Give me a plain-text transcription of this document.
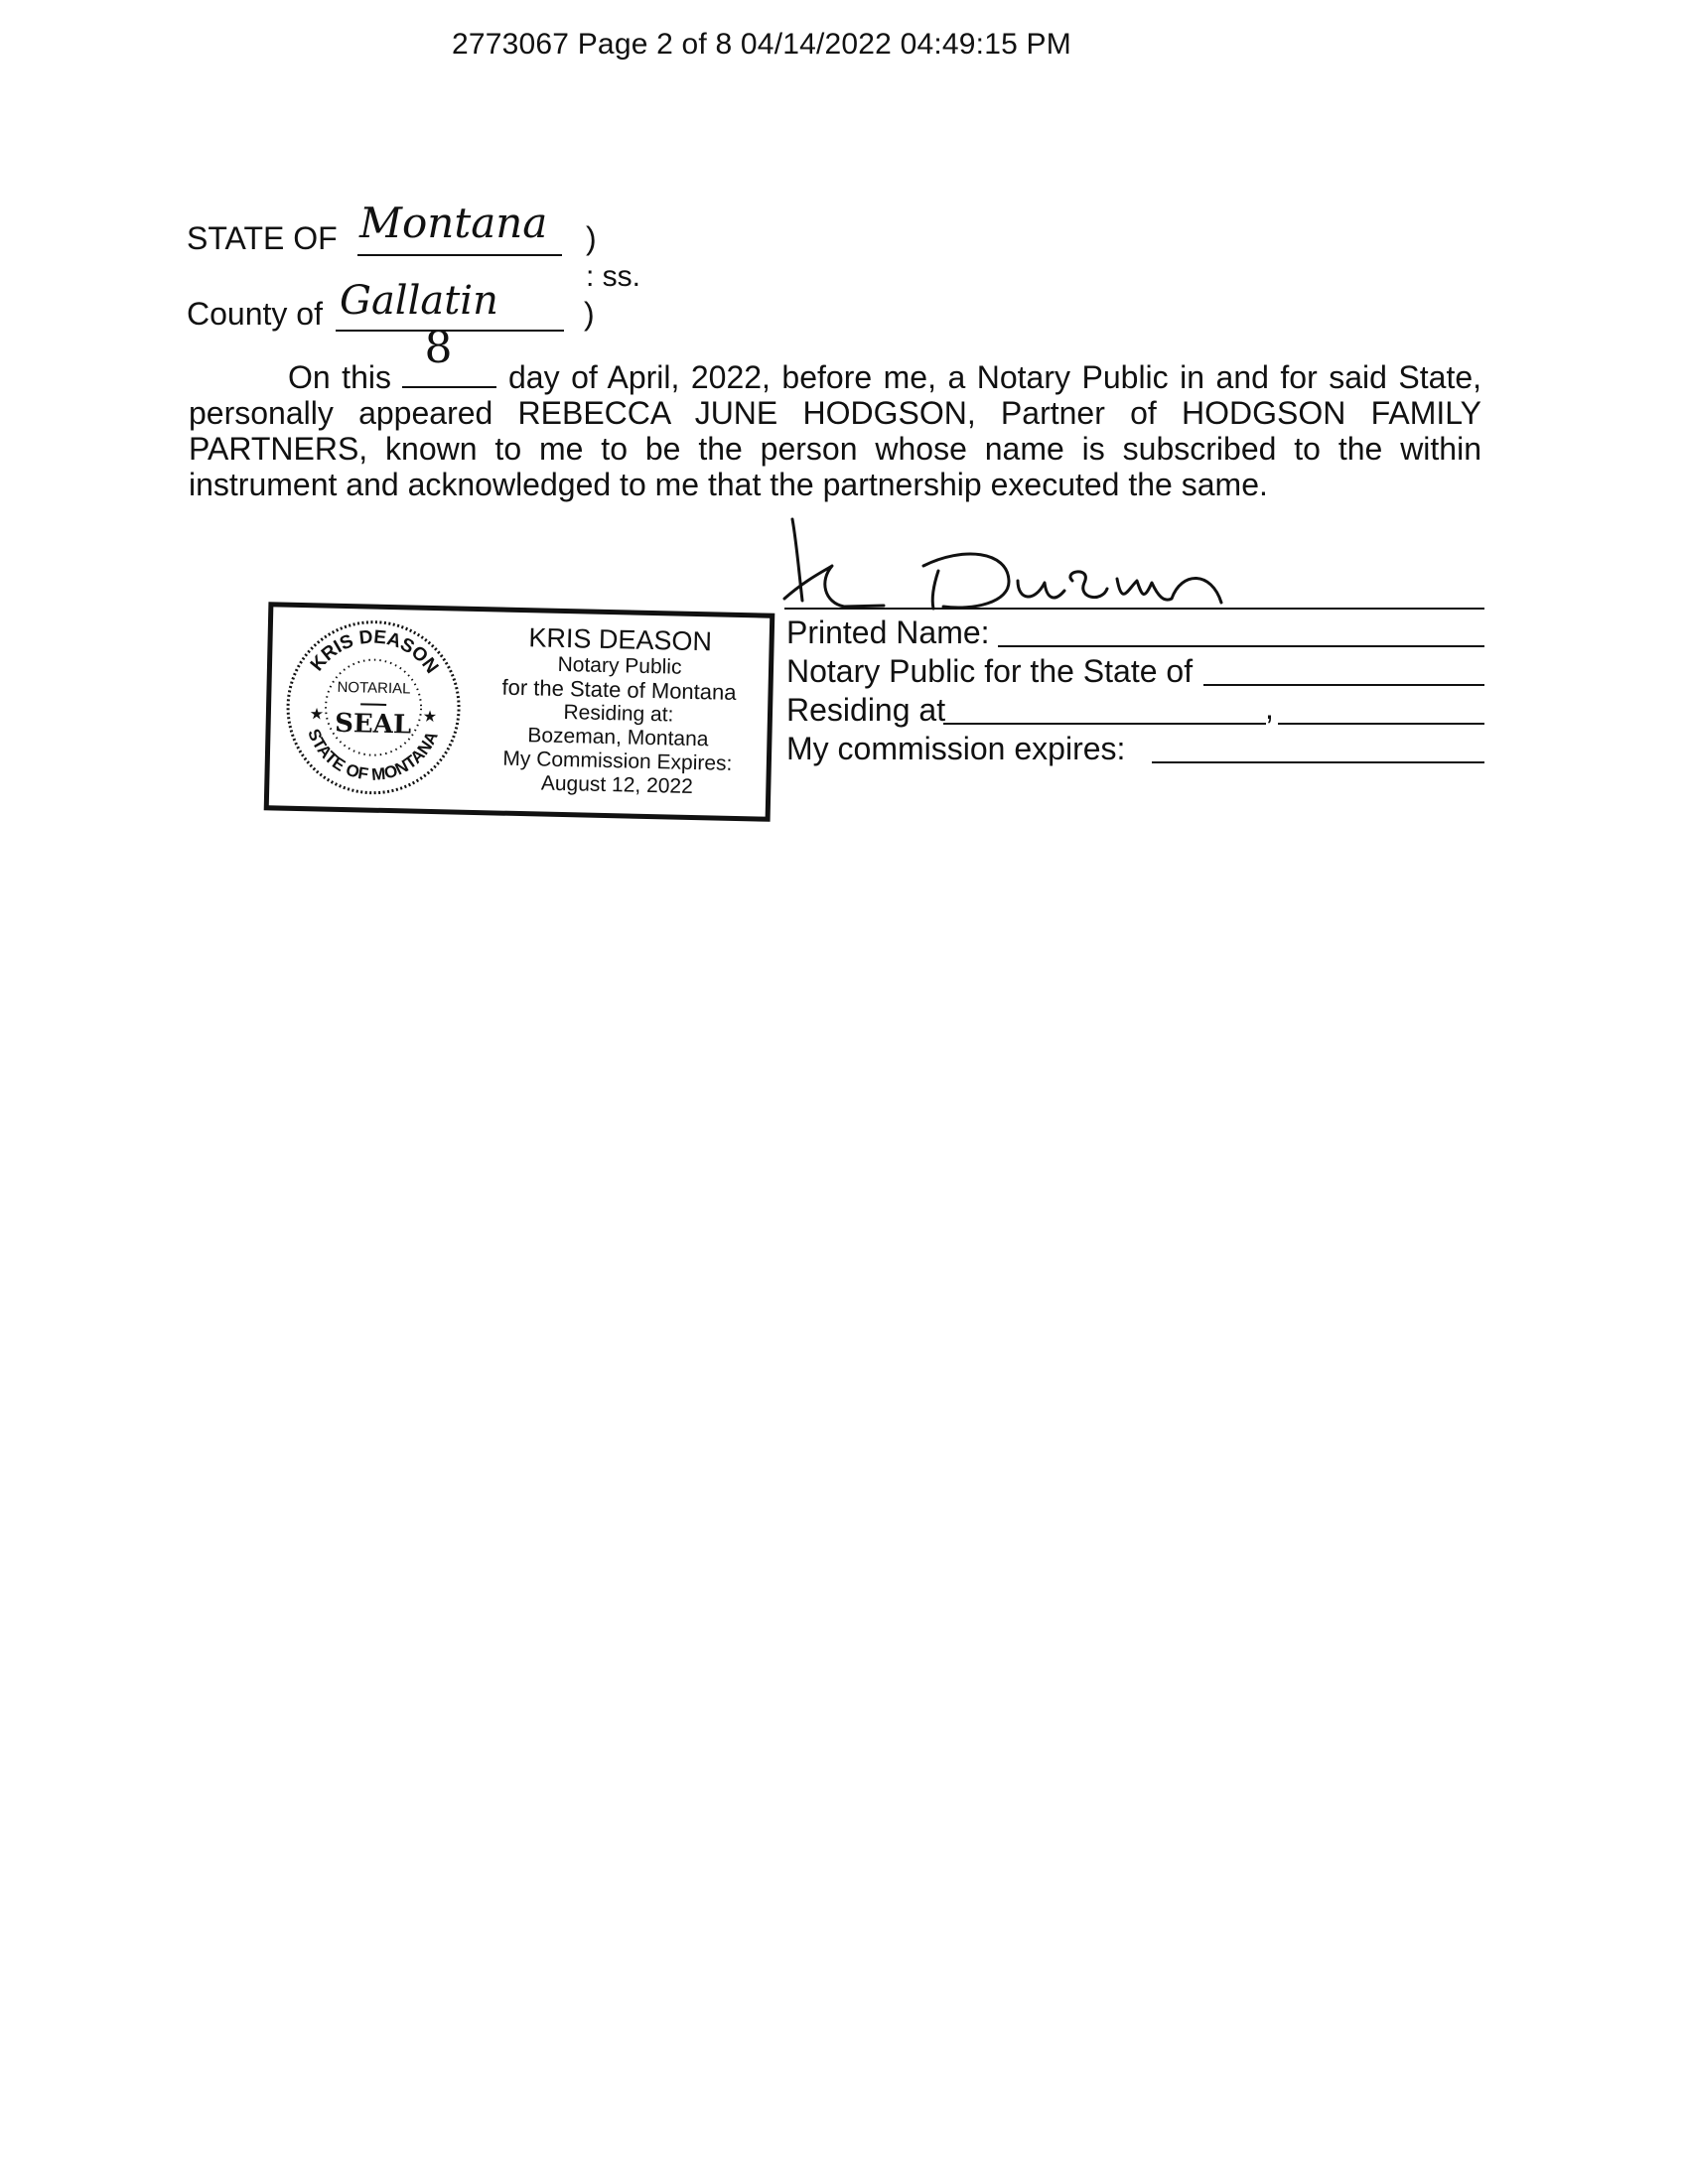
2773067 Page 2 of 8 04/14/2022 04:49:15 PM
STATE OF Montana )
: ss.
County of Gallatin	)
On this
8
day of April, 2022, before me, a Notary Public in and for said State, personally appeared REBECCA JUNE HODGSON, Partner of HODGSON FAMILY PARTNERS, known to me to be the person whose name is subscribed to the within instrument and acknowledged to me that the partnership executed the same.
Printed Name:
Notary Public for the State of
Residing at	,
My commission expires:
KRIS DEASON
STATE OF MONTANA
NOTARIAL
SEAL
★	★
KRIS DEASON
Notary Public
for the State of Montana
Residing at:
Bozeman, Montana
My Commission Expires:
August 12, 2022
